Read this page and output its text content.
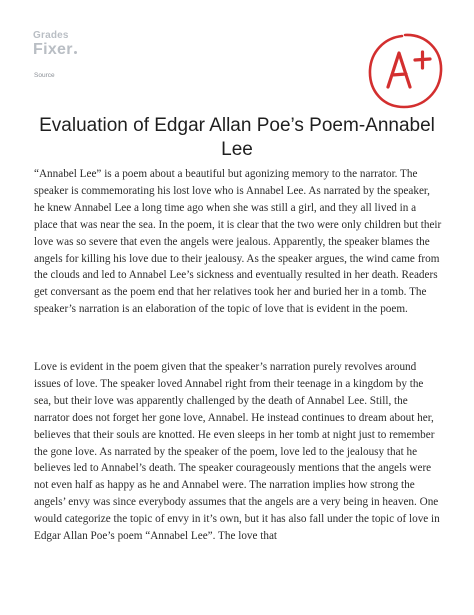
Grades
Fixer
Source
Evaluation of Edgar Allan Poe’s Poem-Annabel Lee

“Annabel Lee” is a poem about a beautiful but agonizing memory to the narrator. The speaker is commemorating his lost love who is Annabel Lee. As narrated by the speaker, he knew Annabel Lee a long time ago when she was still a girl, and they all lived in a place that was near the sea. In the poem, it is clear that the two were only children but their love was so severe that even the angels were jealous. Apparently, the speaker blames the angels for killing his love due to their jealousy. As the speaker argues, the wind came from the clouds and led to Annabel Lee’s sickness and eventually resulted in her death. Readers get conversant as the poem end that her relatives took her and buried her in a tomb. The speaker’s narration is an elaboration of the topic of love that is evident in the poem.

Love is evident in the poem given that the speaker’s narration purely revolves around issues of love. The speaker loved Annabel right from their teenage in a kingdom by the sea, but their love was apparently challenged by the death of Annabel Lee. Still, the narrator does not forget her gone love, Annabel. He instead continues to dream about her, believes that their souls are knotted. He even sleeps in her tomb at night just to remember the gone love. As narrated by the speaker of the poem, love led to the jealousy that he believes led to Annabel’s death. The speaker courageously mentions that the angels were not even half as happy as he and Annabel were. The narration implies how strong the angels’ envy was since everybody assumes that the angels are a very being in heaven. One would categorize the topic of envy in it’s own, but it has also fall under the topic of love in Edgar Allan Poe’s poem “Annabel Lee”. The love that
